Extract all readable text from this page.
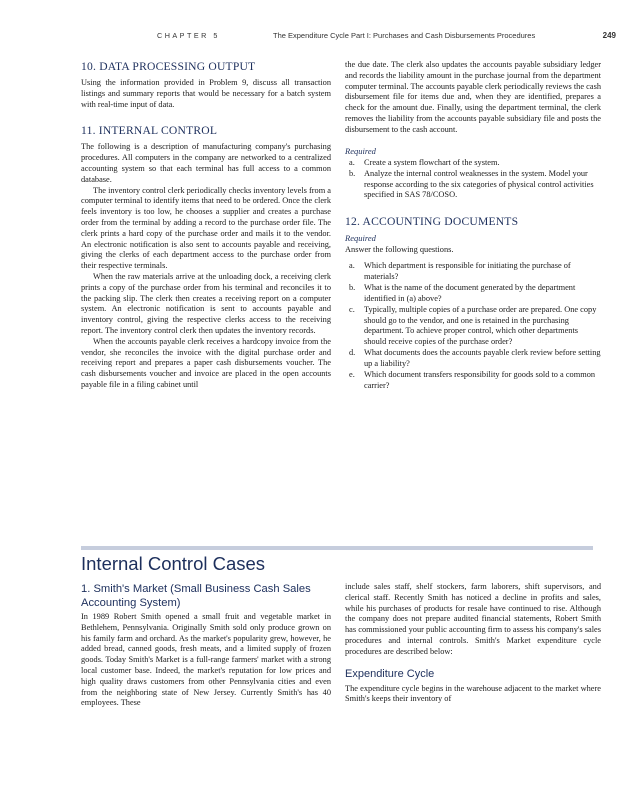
CHAPTER 5	The Expenditure Cycle Part I: Purchases and Cash Disbursements Procedures	249
10. DATA PROCESSING OUTPUT

Using the information provided in Problem 9, discuss all transaction listings and summary reports that would be necessary for a batch system with real-time input of data.

11. INTERNAL CONTROL

The following is a description of manufacturing company's purchasing procedures. All computers in the company are networked to a centralized accounting system so that each terminal has full access to a common database.

The inventory control clerk periodically checks inventory levels from a computer terminal to identify items that need to be ordered. Once the clerk feels inventory is too low, he chooses a supplier and creates a purchase order from the terminal by adding a record to the purchase order file. The clerk prints a hard copy of the purchase order and mails it to the vendor. An electronic notification is also sent to accounts payable and receiving, giving the clerks of each department access to the purchase order from their respective terminals.

When the raw materials arrive at the unloading dock, a receiving clerk prints a copy of the purchase order from his terminal and reconciles it to the packing slip. The clerk then creates a receiving report on a computer system. An electronic notification is sent to accounts payable and inventory control, giving the respective clerks access to the receiving report. The inventory control clerk then updates the inventory records.

When the accounts payable clerk receives a hardcopy invoice from the vendor, she reconciles the invoice with the digital purchase order and receiving report and prepares a paper cash disbursements voucher. The cash disbursements voucher and invoice are placed in the open accounts payable file in a filing cabinet until

the due date. The clerk also updates the accounts payable subsidiary ledger and records the liability amount in the purchase journal from the department computer terminal. The accounts payable clerk periodically reviews the cash disbursement file for items due and, when they are identified, prepares a check for the amount due. Finally, using the department terminal, the clerk removes the liability from the accounts payable subsidiary file and posts the disbursement to the cash account.

Required
a. Create a system flowchart of the system.
b. Analyze the internal control weaknesses in the system. Model your response according to the six categories of physical control activities specified in SAS 78/COSO.
12. ACCOUNTING DOCUMENTS
Required

Answer the following questions.

a. Which department is responsible for initiating the purchase of materials?
b. What is the name of the document generated by the department identified in (a) above?
c. Typically, multiple copies of a purchase order are prepared. One copy should go to the vendor, and one is retained in the purchasing department. To achieve proper control, which other departments should receive copies of the purchase order?
d. What documents does the accounts payable clerk review before setting up a liability?
e. Which document transfers responsibility for goods sold to a common carrier?
Internal Control Cases
1. Smith's Market (Small Business Cash Sales Accounting System)

In 1989 Robert Smith opened a small fruit and vegetable market in Bethlehem, Pennsylvania. Originally Smith sold only produce grown on his family farm and orchard. As the market's popularity grew, however, he added bread, canned goods, fresh meats, and a limited supply of frozen goods. Today Smith's Market is a full-range farmers' market with a strong local customer base. Indeed, the market's reputation for low prices and high quality draws customers from other Pennsylvania cities and even from the neighboring state of New Jersey. Currently Smith's has 40 employees. These

include sales staff, shelf stockers, farm laborers, shift supervisors, and clerical staff. Recently Smith has noticed a decline in profits and sales, while his purchases of products for resale have continued to rise. Although the company does not prepare audited financial statements, Robert Smith has commissioned your public accounting firm to assess his company's sales procedures and internal controls. Smith's Market expenditure cycle procedures are described below:

Expenditure Cycle

The expenditure cycle begins in the warehouse adjacent to the market where Smith's keeps their inventory of
